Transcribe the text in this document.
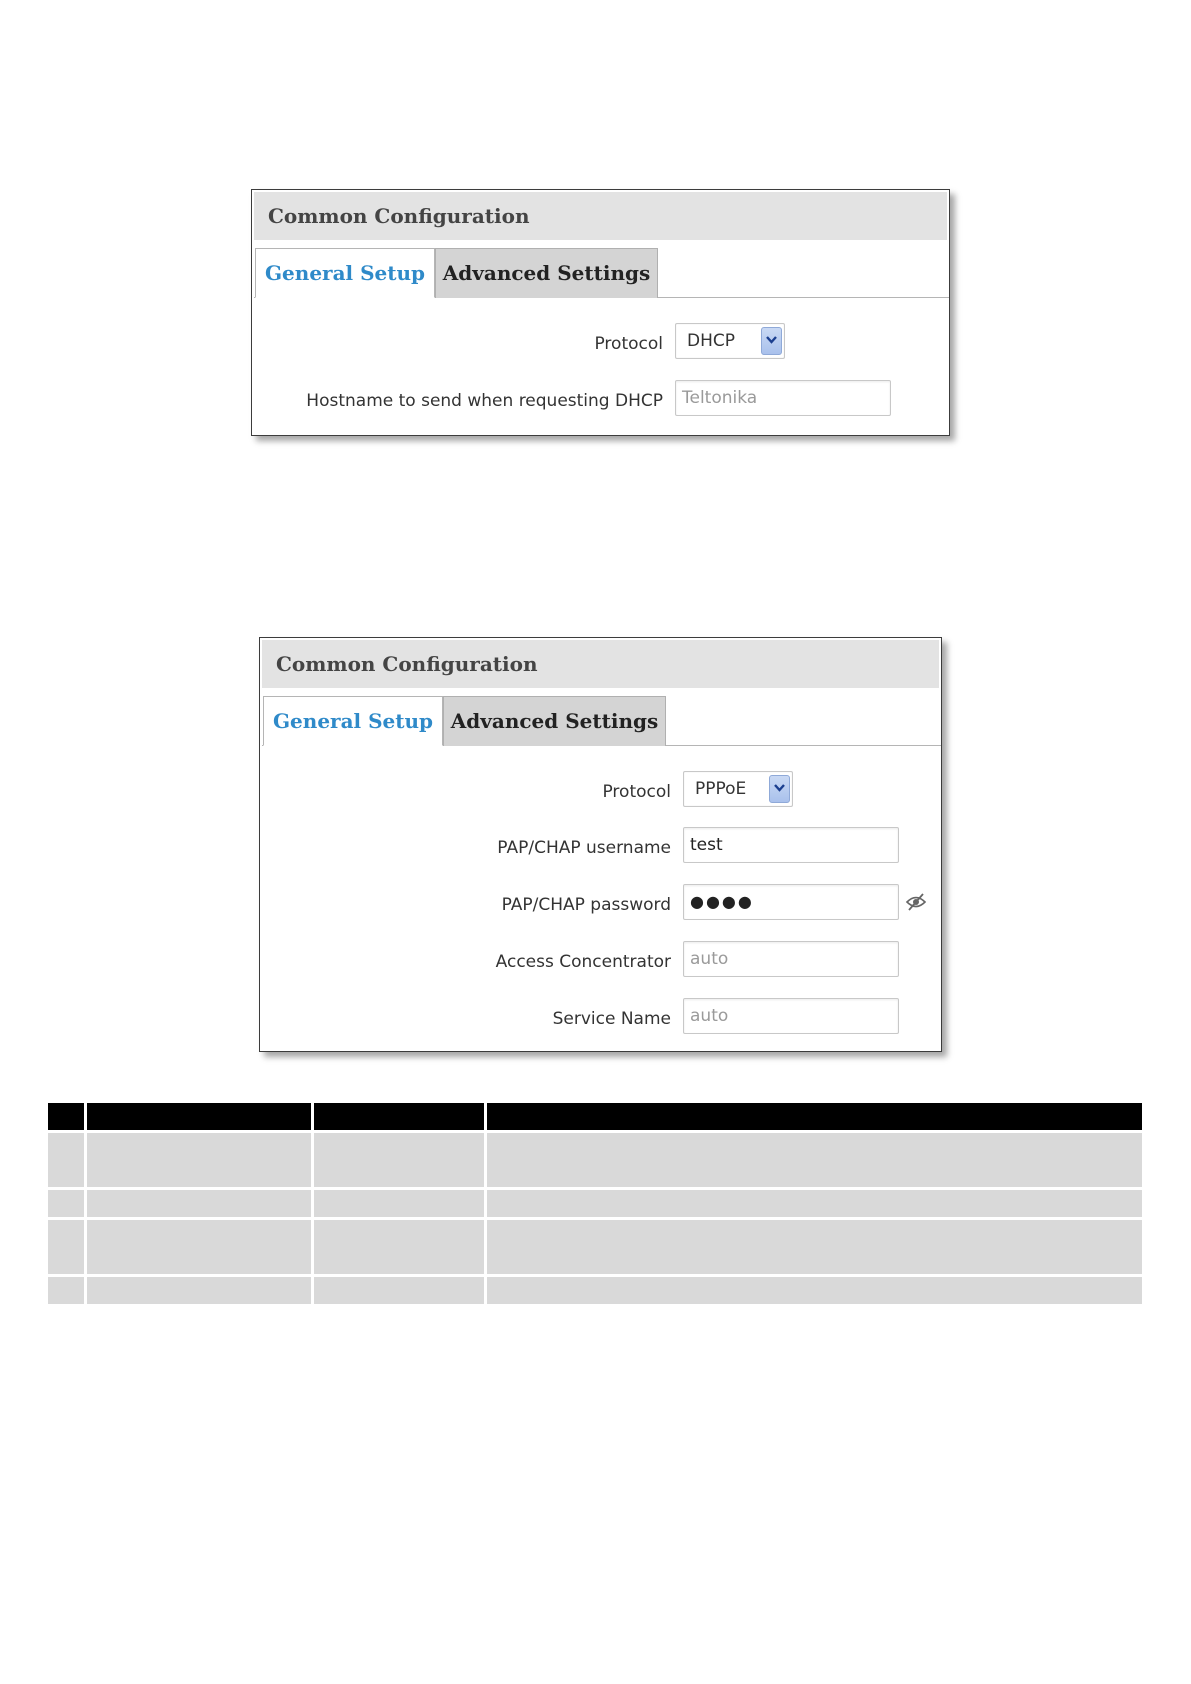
Common Configuration
General Setup Advanced Settings
Protocol	DHCP
Hostname to send when requesting DHCP	Teltonika
Common Configuration
General Setup Advanced Settings
Protocol	PPPoE
PAP/CHAP username	test
PAP/CHAP password	●●●●
Access Concentrator	auto
Service Name	auto
